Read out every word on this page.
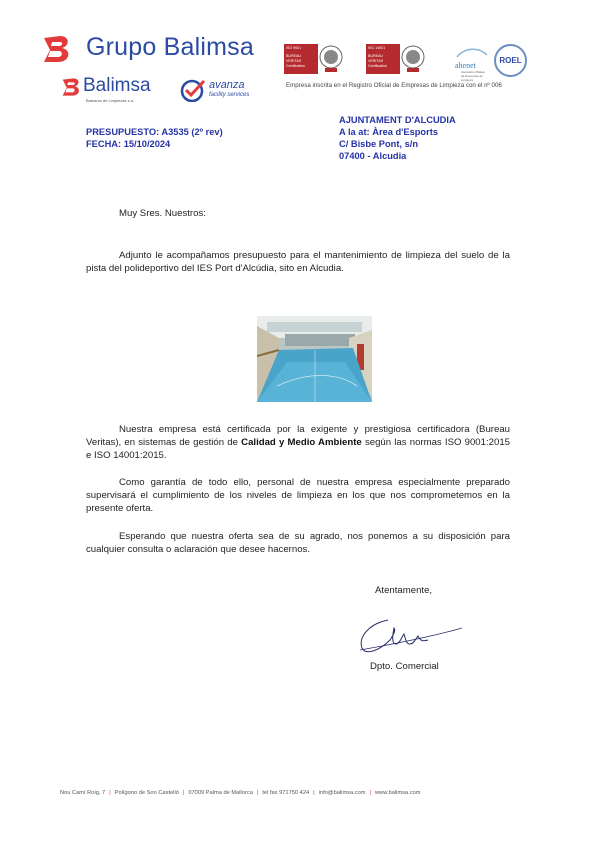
Grupo Balimsa
Balimsa
Baleares de Limpiezas s.a.
avanza
facility services
ISO 9001
BUREAU VERITAS
Certification
ISO 14001
BUREAU VERITAS
Certification	ahenet
Asociación Balear de Empresas de Limpieza
ROEL
Empresa inscrita en el Registro Oficial de Empresas de Limpieza con el nº 006
PRESUPUESTO: A3535 (2º rev)
FECHA: 15/10/2024
AJUNTAMENT D'ALCUDIA
A la at: Àrea d'Esports
C/ Bisbe Pont, s/n
07400 - Alcudia
Muy Sres. Nuestros:
Adjunto le acompañamos presupuesto para el mantenimiento de limpieza del suelo de la pista del polideportivo del IES Port d'Alcúdia, sito en Alcudia.
Nuestra empresa está certificada por la exigente y prestigiosa certificadora (Bureau Veritas), en sistemas de gestión de Calidad y Medio Ambiente según las normas ISO 9001:2015 e ISO 14001:2015.
Como garantía de todo ello, personal de nuestra empresa especialmente preparado supervisará el cumplimiento de los niveles de limpieza en los que nos comprometemos en la presente oferta.
Esperando que nuestra oferta sea de su agrado, nos ponemos a su disposición para cualquier consulta o aclaración que desee hacernos.
Atentamente,
Dpto. Comercial
Nou Camí Roig, 7 | Polígono de Son Castelló | 07009 Palma de Mallorca | tel fax 971750 424 | info@balimsa.com | www.balimsa.com
